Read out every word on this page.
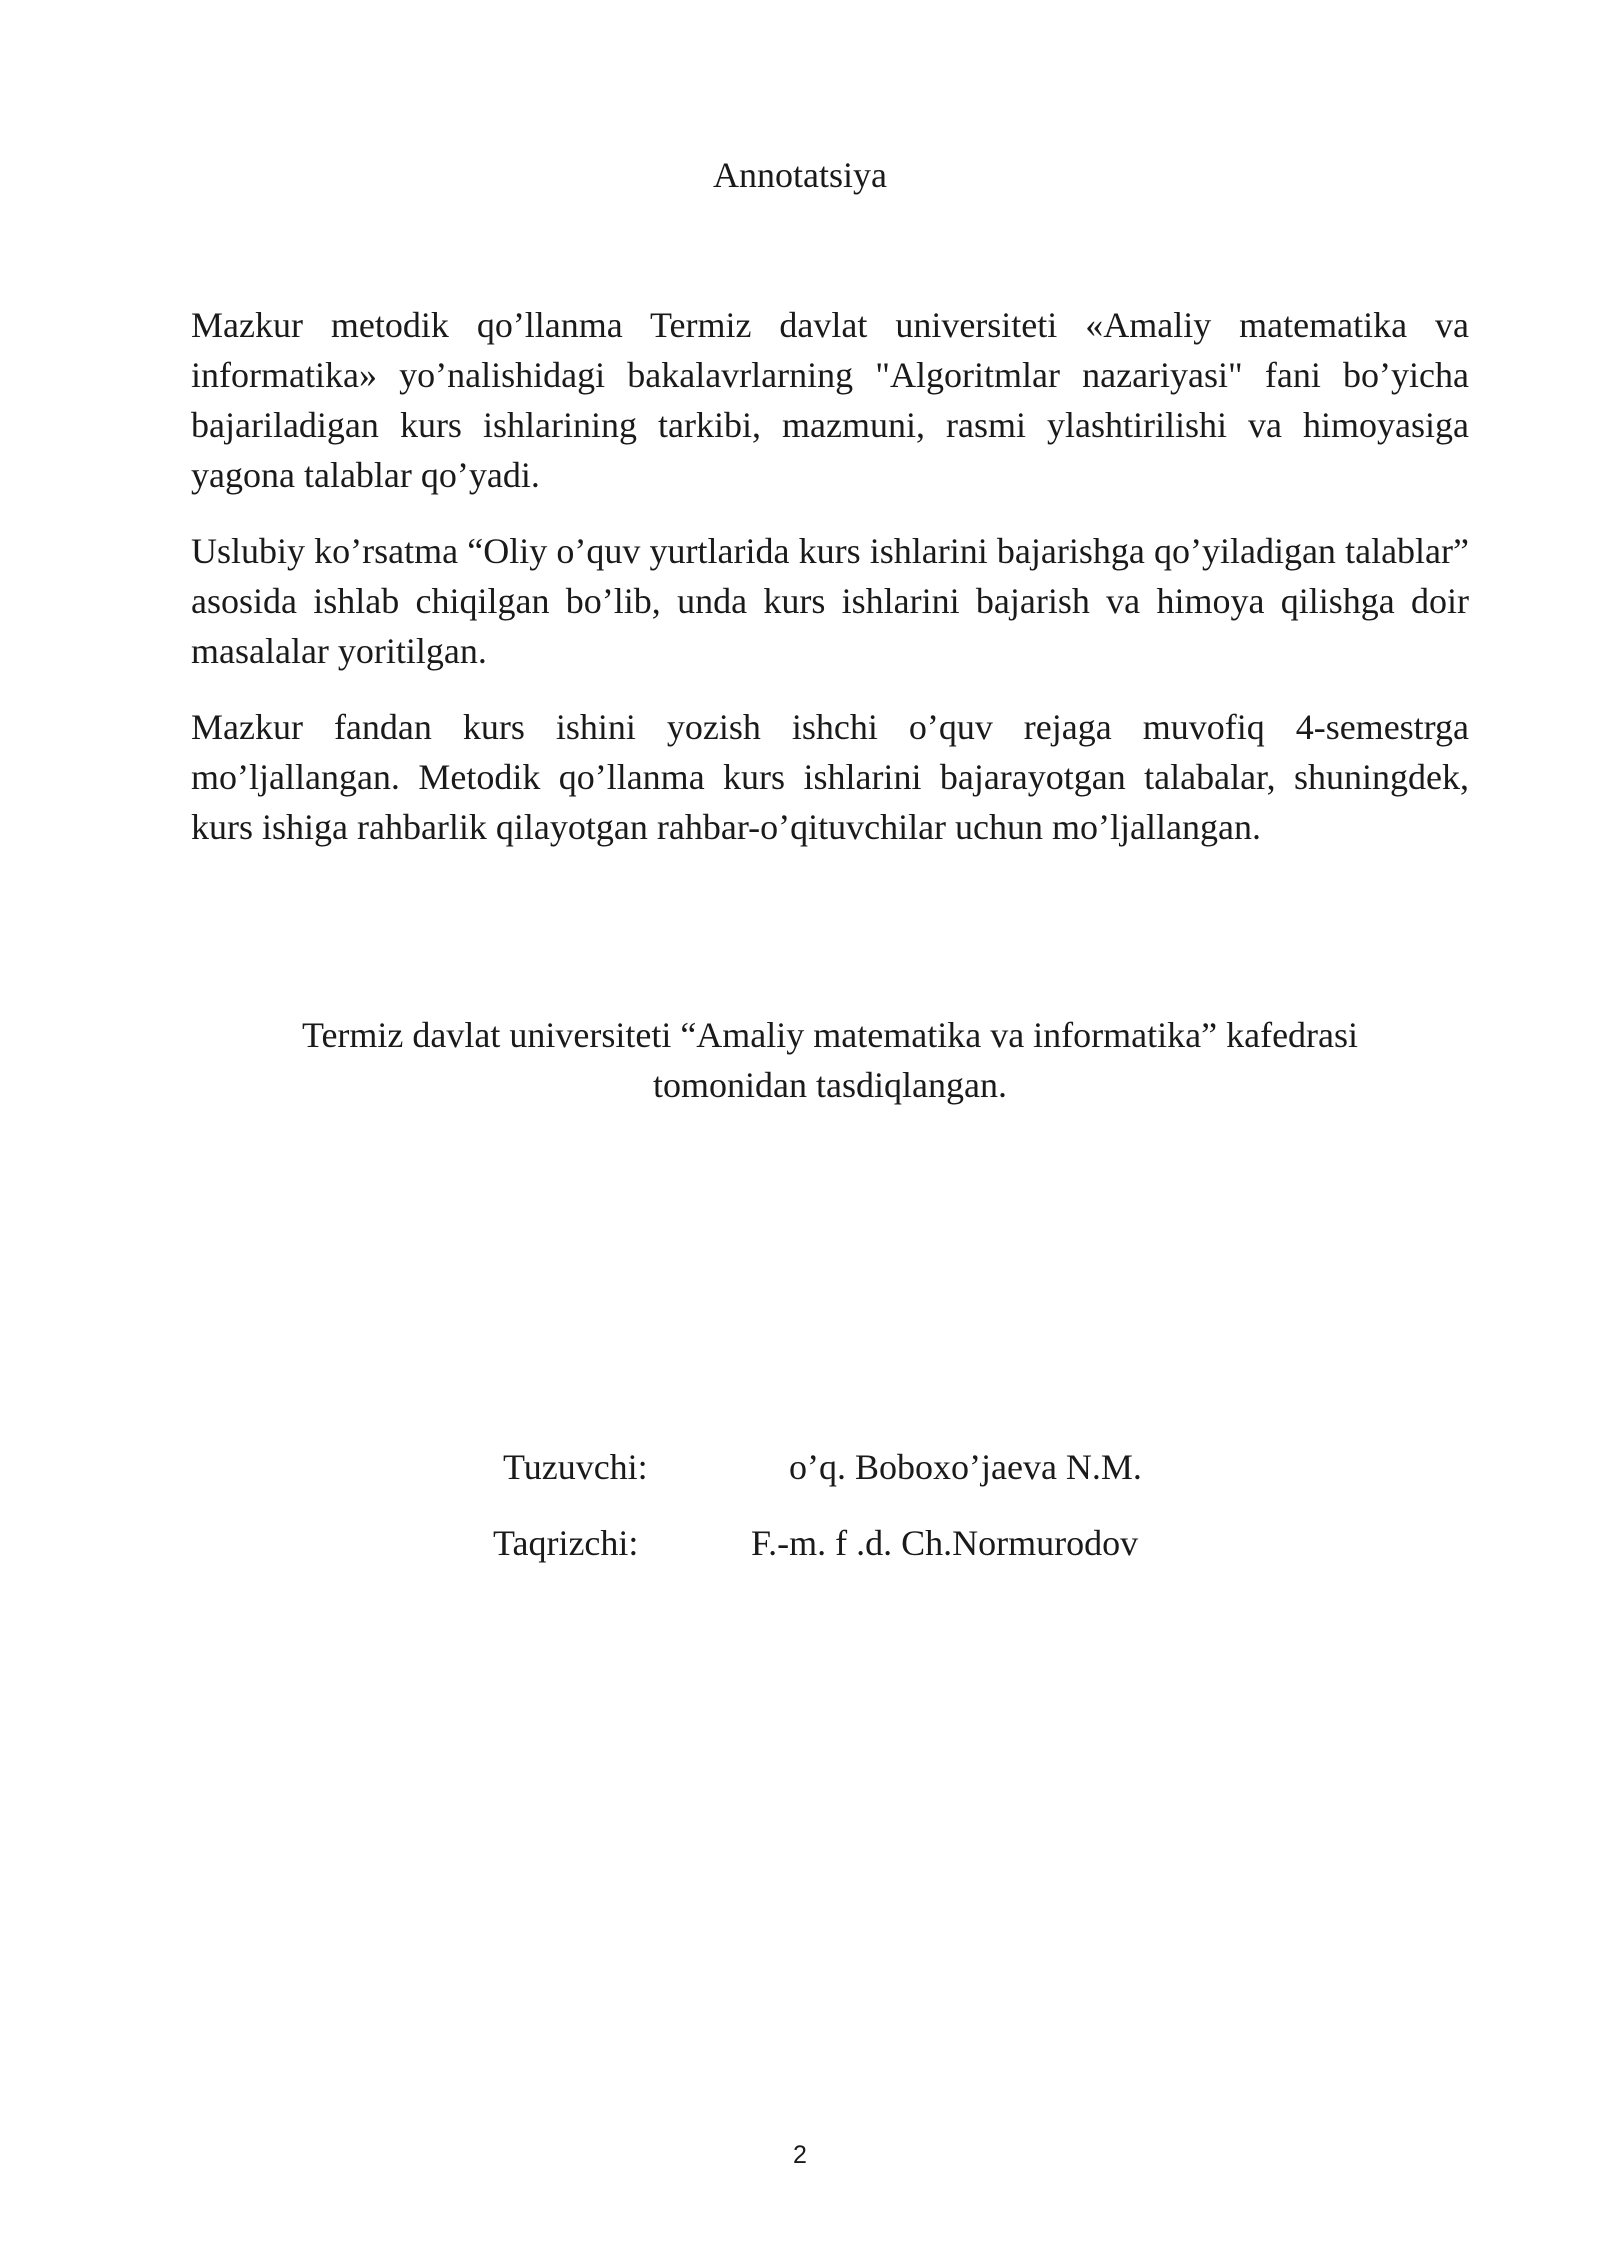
Annotatsiya

Mazkur metodik qo’llanma Termiz davlat universiteti «Amaliy matematika va informatika» yo’nalishidagi bakalavrlarning "Algoritmlar nazariyasi" fani bo’yicha bajariladigan kurs ishlarining tarkibi, mazmuni, rasmi ylashtirilishi va himoyasiga yagona talablar qo’yadi.

Uslubiy ko’rsatma “Oliy o’quv yurtlarida kurs ishlarini bajarishga qo’yiladigan talablar” asosida ishlab chiqilgan bo’lib, unda kurs ishlarini bajarish va himoya qilishga doir masalalar yoritilgan.

Mazkur fandan kurs ishini yozish ishchi o’quv rejaga muvofiq 4-semestrga mo’ljallangan. Metodik qo’llanma kurs ishlarini bajarayotgan talabalar, shuningdek, kurs ishiga rahbarlik qilayotgan rahbar-o’qituvchilar uchun mo’ljallangan.

Termiz davlat universiteti “Amaliy matematika va informatika” kafedrasi
tomonidan tasdiqlangan.
Tuzuvchi:	o’q. Boboxo’jaeva N.M.
Taqrizchi:	F.-m. f .d. Ch.Normurodov
2
